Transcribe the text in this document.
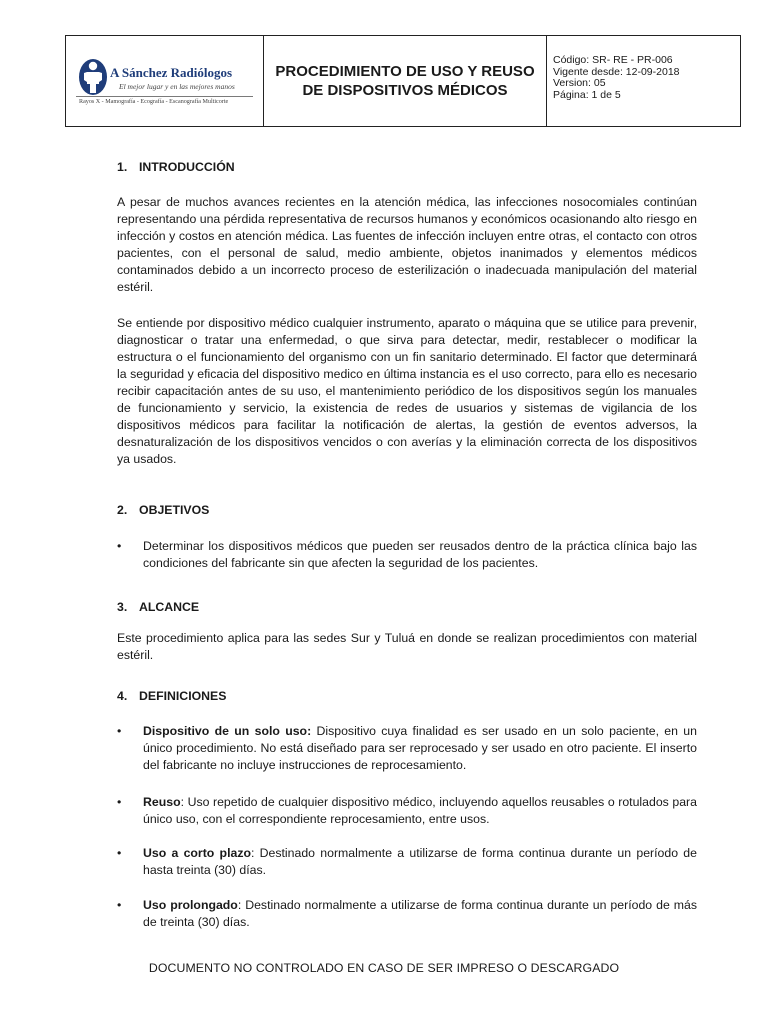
A Sánchez Radiólogos
El mejor lugar y en las mejores manos
Rayos X - Mamografía - Ecografía - Escanografía Multicorte
PROCEDIMIENTO DE USO Y REUSO DE DISPOSITIVOS MÉDICOS
Código: SR- RE - PR-006
Vigente desde: 12-09-2018
Version: 05
Página: 1 de 5
1. INTRODUCCIÓN
A pesar de muchos avances recientes en la atención médica, las infecciones nosocomiales continúan representando una pérdida representativa de recursos humanos y económicos ocasionando alto riesgo en infección y costos en atención médica. Las fuentes de infección incluyen entre otras, el contacto con otros pacientes, con el personal de salud, medio ambiente, objetos inanimados y elementos médicos contaminados debido a un incorrecto proceso de esterilización o inadecuada manipulación del material estéril.
Se entiende por dispositivo médico cualquier instrumento, aparato o máquina que se utilice para prevenir, diagnosticar o tratar una enfermedad, o que sirva para detectar, medir, restablecer o modificar la estructura o el funcionamiento del organismo con un fin sanitario determinado. El factor que determinará la seguridad y eficacia del dispositivo medico en última instancia es el uso correcto, para ello es necesario recibir capacitación antes de su uso, el mantenimiento periódico de los dispositivos según los manuales de funcionamiento y servicio, la existencia de redes de usuarios y sistemas de vigilancia de los dispositivos médicos para facilitar la notificación de alertas, la gestión de eventos adversos, la desnaturalización de los dispositivos vencidos o con averías y la eliminación correcta de los dispositivos ya usados.
2. OBJETIVOS
•	Determinar los dispositivos médicos que pueden ser reusados dentro de la práctica clínica bajo las condiciones del fabricante sin que afecten la seguridad de los pacientes.
3. ALCANCE
Este procedimiento aplica para las sedes Sur y Tuluá en donde se realizan procedimientos con material estéril.
4. DEFINICIONES
•	Dispositivo de un solo uso: Dispositivo cuya finalidad es ser usado en un solo paciente, en un único procedimiento. No está diseñado para ser reprocesado y ser usado en otro paciente. El inserto del fabricante no incluye instrucciones de reprocesamiento.
•	Reuso: Uso repetido de cualquier dispositivo médico, incluyendo aquellos reusables o rotulados para único uso, con el correspondiente reprocesamiento, entre usos.
•	Uso a corto plazo: Destinado normalmente a utilizarse de forma continua durante un período de hasta treinta (30) días.
•	Uso prolongado: Destinado normalmente a utilizarse de forma continua durante un período de más de treinta (30) días.
DOCUMENTO NO CONTROLADO EN CASO DE SER IMPRESO O DESCARGADO
